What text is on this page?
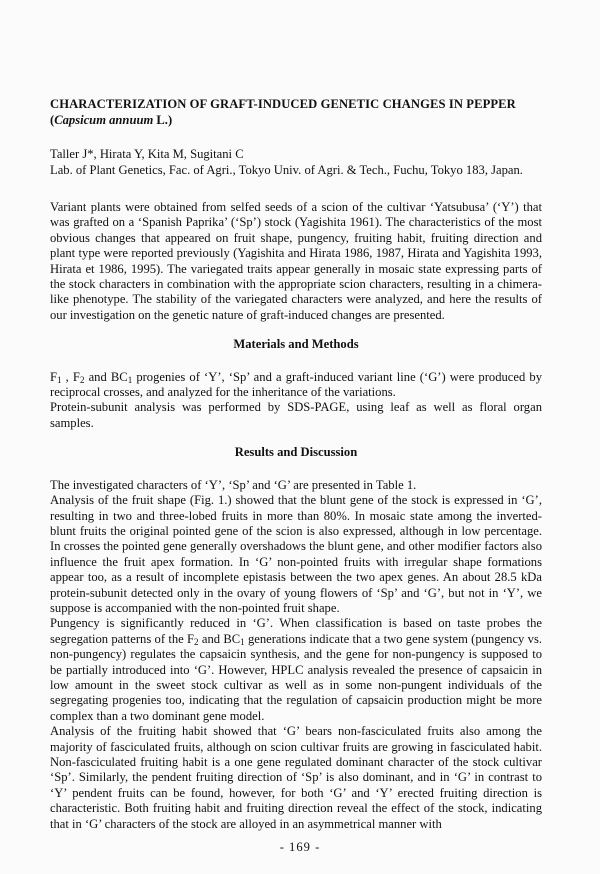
CHARACTERIZATION OF GRAFT-INDUCED GENETIC CHANGES IN PEPPER

(Capsicum annuum L.)

Taller J*, Hirata Y, Kita M, Sugitani C

Lab. of Plant Genetics, Fac. of Agri., Tokyo Univ. of Agri. & Tech., Fuchu, Tokyo 183, Japan.

Variant plants were obtained from selfed seeds of a scion of the cultivar ‘Yatsubusa’ (‘Y’) that was grafted on a ‘Spanish Paprika’ (‘Sp’) stock (Yagishita 1961). The characteristics of the most obvious changes that appeared on fruit shape, pungency, fruiting habit, fruiting direction and plant type were reported previously (Yagishita and Hirata 1986, 1987, Hirata and Yagishita 1993, Hirata et 1986, 1995). The variegated traits appear generally in mosaic state expressing parts of the stock characters in combination with the appropriate scion characters, resulting in a chimera-like phenotype. The stability of the variegated characters were analyzed, and here the results of our investigation on the genetic nature of graft-induced changes are presented.

Materials and Methods

$F_1$ , $F_2$ and $BC_1$ progenies of ‘Y’, ‘Sp’ and a graft-induced variant line (‘G’) were produced by reciprocal crosses, and analyzed for the inheritance of the variations.

Protein-subunit analysis was performed by SDS-PAGE, using leaf as well as floral organ samples.

Results and Discussion

The investigated characters of ‘Y’, ‘Sp’ and ‘G’ are presented in Table 1.

Analysis of the fruit shape (Fig. 1.) showed that the blunt gene of the stock is expressed in ‘G’, resulting in two and three-lobed fruits in more than 80%. In mosaic state among the inverted-blunt fruits the original pointed gene of the scion is also expressed, although in low percentage. In crosses the pointed gene generally overshadows the blunt gene, and other modifier factors also influence the fruit apex formation. In ‘G’ non-pointed fruits with irregular shape formations appear too, as a result of incomplete epistasis between the two apex genes. An about 28.5 kDa protein-subunit detected only in the ovary of young flowers of ‘Sp’ and ‘G’, but not in ‘Y’, we suppose is accompanied with the non-pointed fruit shape.

Pungency is significantly reduced in ‘G’. When classification is based on taste probes the segregation patterns of the $F_2$ and $BC_1$ generations indicate that a two gene system (pungency vs. non-pungency) regulates the capsaicin synthesis, and the gene for non-pungency is supposed to be partially introduced into ‘G’. However, HPLC analysis revealed the presence of capsaicin in low amount in the sweet stock cultivar as well as in some non-pungent individuals of the segregating progenies too, indicating that the regulation of capsaicin production might be more complex than a two dominant gene model.

Analysis of the fruiting habit showed that ‘G’ bears non-fasciculated fruits also among the majority of fasciculated fruits, although on scion cultivar fruits are growing in fasciculated habit. Non-fasciculated fruiting habit is a one gene regulated dominant character of the stock cultivar ‘Sp’. Similarly, the pendent fruiting direction of ‘Sp’ is also dominant, and in ‘G’ in contrast to ‘Y’ pendent fruits can be found, however, for both ‘G’ and ‘Y’ erected fruiting direction is characteristic. Both fruiting habit and fruiting direction reveal the effect of the stock, indicating that in ‘G’ characters of the stock are alloyed in an asymmetrical manner with

- 169 -
